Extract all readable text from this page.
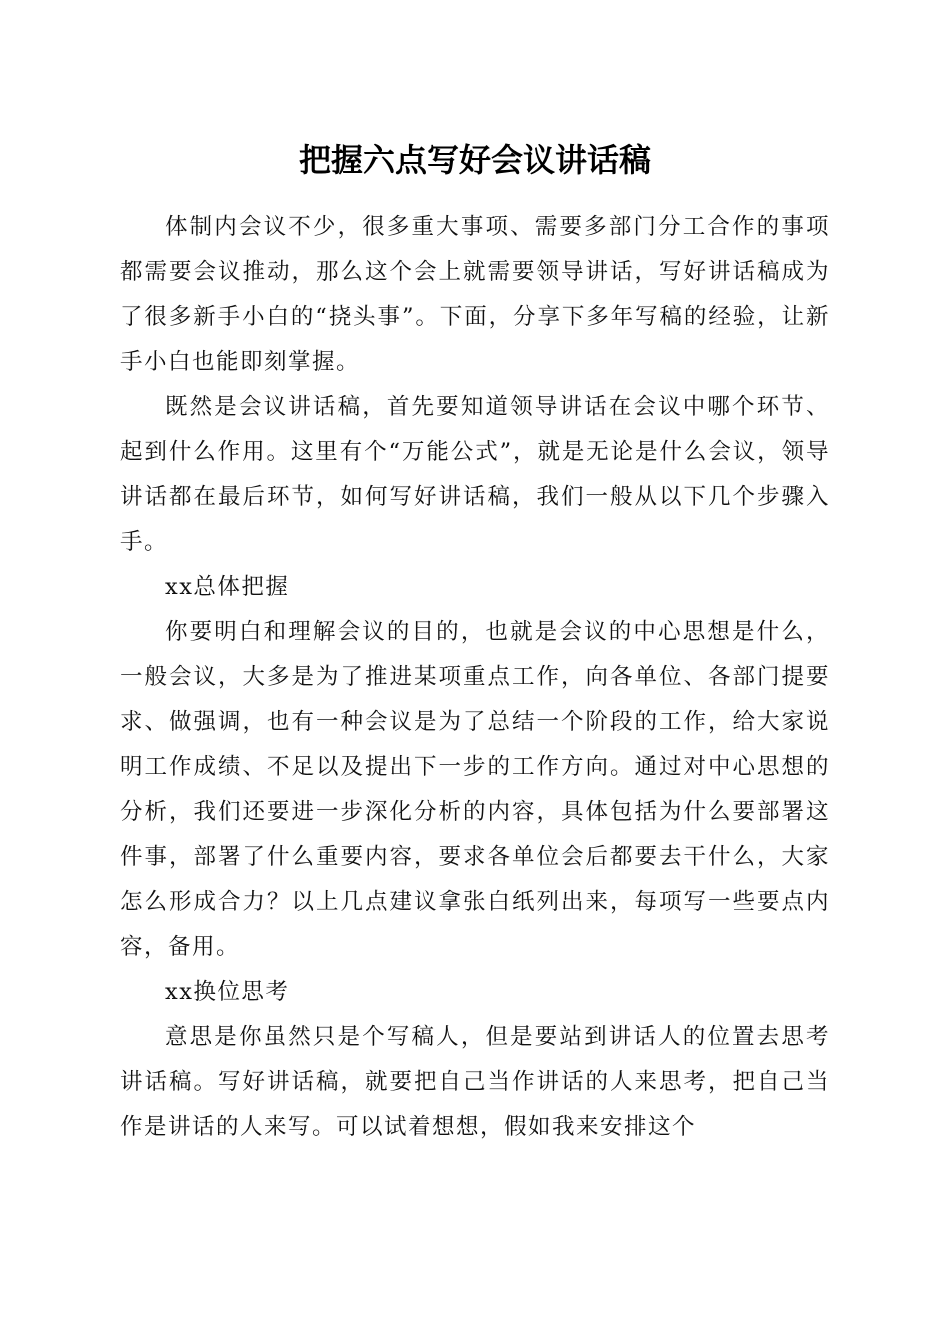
把握六点写好会议讲话稿

体制内会议不少，很多重大事项、需要多部门分工合作的事项都需要会议推动，那么这个会上就需要领导讲话，写好讲话稿成为了很多新手小白的“挠头事”。下面，分享下多年写稿的经验，让新手小白也能即刻掌握。

既然是会议讲话稿，首先要知道领导讲话在会议中哪个环节、起到什么作用。这里有个“万能公式”，就是无论是什么会议，领导讲话都在最后环节，如何写好讲话稿，我们一般从以下几个步骤入手。

xx总体把握

你要明白和理解会议的目的，也就是会议的中心思想是什么，一般会议，大多是为了推进某项重点工作，向各单位、各部门提要求、做强调，也有一种会议是为了总结一个阶段的工作，给大家说明工作成绩、不足以及提出下一步的工作方向。通过对中心思想的分析，我们还要进一步深化分析的内容，具体包括为什么要部署这件事，部署了什么重要内容，要求各单位会后都要去干什么，大家怎么形成合力？以上几点建议拿张白纸列出来，每项写一些要点内容，备用。

xx换位思考

意思是你虽然只是个写稿人，但是要站到讲话人的位置去思考讲话稿。写好讲话稿，就要把自己当作讲话的人来思考，把自己当作是讲话的人来写。可以试着想想，假如我来安排这个
